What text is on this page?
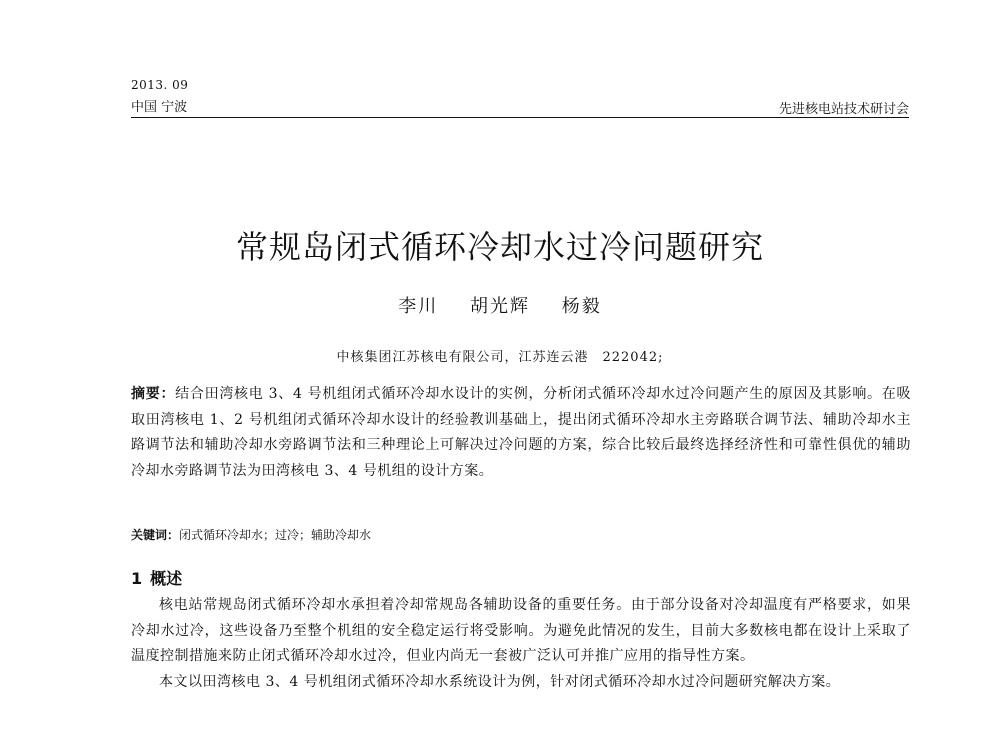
2013. 09
中国 宁波	先进核电站技术研讨会
常规岛闭式循环冷却水过冷问题研究
李川 胡光辉 杨毅
中核集团江苏核电有限公司，江苏连云港　222042;
摘要：结合田湾核电 3、4 号机组闭式循环冷却水设计的实例，分析闭式循环冷却水过冷问题产生的原因及其影响。在吸取田湾核电 1、2 号机组闭式循环冷却水设计的经验教训基础上，提出闭式循环冷却水主旁路联合调节法、辅助冷却水主路调节法和辅助冷却水旁路调节法和三种理论上可解决过冷问题的方案，综合比较后最终选择经济性和可靠性俱优的辅助冷却水旁路调节法为田湾核电 3、4 号机组的设计方案。
关键词：闭式循环冷却水；过冷；辅助冷却水
1 概述

核电站常规岛闭式循环冷却水承担着冷却常规岛各辅助设备的重要任务。由于部分设备对冷却温度有严格要求，如果冷却水过冷，这些设备乃至整个机组的安全稳定运行将受影响。为避免此情况的发生，目前大多数核电都在设计上采取了温度控制措施来防止闭式循环冷却水过冷，但业内尚无一套被广泛认可并推广应用的指导性方案。

本文以田湾核电 3、4 号机组闭式循环冷却水系统设计为例，针对闭式循环冷却水过冷问题研究解决方案。
